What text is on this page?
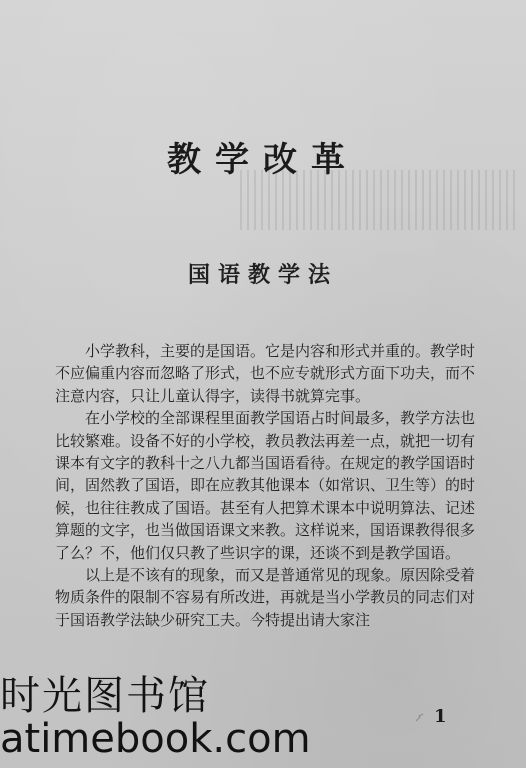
教学改革
国语教学法

小学教科，主要的是国语。它是内容和形式并重的。教学时不应偏重内容而忽略了形式，也不应专就形式方面下功夫，而不注意内容，只让儿童认得字，读得书就算完事。

在小学校的全部课程里面教学国语占时间最多，教学方法也比较繁难。设备不好的小学校，教员教法再差一点，就把一切有课本有文字的教科十之八九都当国语看待。在规定的教学国语时间，固然教了国语，即在应教其他课本（如常识、卫生等）的时候，也往往教成了国语。甚至有人把算术课本中说明算法、记述算题的文字，也当做国语课文来教。这样说来，国语课教得很多了么？不，他们仅只教了些识字的课，还谈不到是教学国语。

以上是不该有的现象，而又是普通常见的现象。原因除受着物质条件的限制不容易有所改进，再就是当小学教员的同志们对于国语教学法缺少研究工夫。今特提出请大家注

1
时光图书馆
atimebook.com
